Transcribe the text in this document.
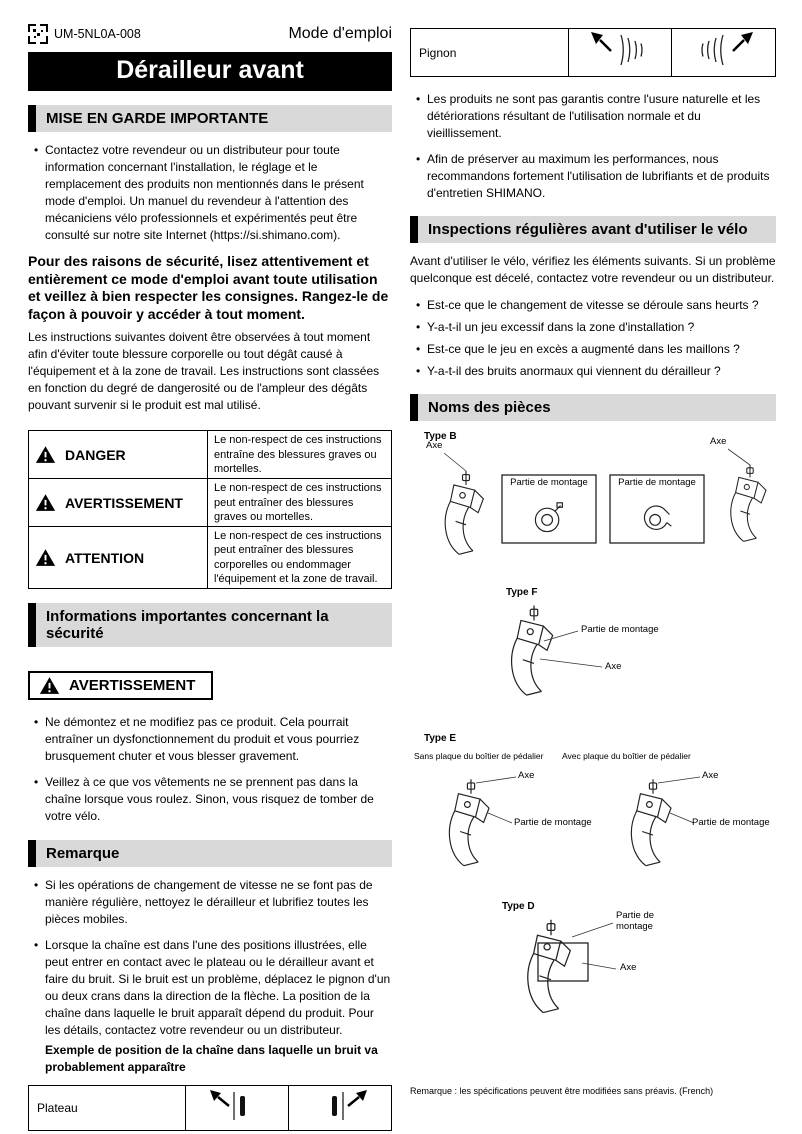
UM-5NL0A-008	Mode d'emploi
Dérailleur avant
MISE EN GARDE IMPORTANTE
• Contactez votre revendeur ou un distributeur pour toute information concernant l'installation, le réglage et le remplacement des produits non mentionnés dans le présent mode d'emploi. Un manuel du revendeur à l'attention des mécaniciens vélo professionnels et expérimentés peut être consulté sur notre site Internet (https://si.shimano.com).
Pour des raisons de sécurité, lisez attentivement et entièrement ce mode d'emploi avant toute utilisation et veillez à bien respecter les consignes. Rangez-le de façon à pouvoir y accéder à tout moment.
Les instructions suivantes doivent être observées à tout moment afin d'éviter toute blessure corporelle ou tout dégât causé à l'équipement et à la zone de travail. Les instructions sont classées en fonction du degré de dangerosité ou de l'ampleur des dégâts pouvant survenir si le produit est mal utilisé.
DANGER	Le non-respect de ces instructions entraîne des blessures graves ou mortelles.

AVERTISSEMENT	Le non-respect de ces instructions peut entraîner des blessures graves ou mortelles.

ATTENTION	Le non-respect de ces instructions peut entraîner des blessures corporelles ou endommager l'équipement et la zone de travail.
Informations importantes concernant la sécurité
AVERTISSEMENT
• Ne démontez et ne modifiez pas ce produit. Cela pourrait entraîner un dysfonctionnement du produit et vous pourriez brusquement chuter et vous blesser gravement.
• Veillez à ce que vos vêtements ne se prennent pas dans la chaîne lorsque vous roulez. Sinon, vous risquez de tomber de votre vélo.
Remarque
• Si les opérations de changement de vitesse ne se font pas de manière régulière, nettoyez le dérailleur et lubrifiez toutes les pièces mobiles.
• Lorsque la chaîne est dans l'une des positions illustrées, elle peut entrer en contact avec le plateau ou le dérailleur avant et faire du bruit. Si le bruit est un problème, déplacez le pignon d'un ou deux crans dans la direction de la flèche. La position de la chaîne dans laquelle le bruit apparaît dépend du produit. Pour les détails, contactez votre revendeur ou un distributeur.
Exemple de position de la chaîne dans laquelle un bruit va probablement apparaître
Plateau		
Pignon		
• Les produits ne sont pas garantis contre l'usure naturelle et les détériorations résultant de l'utilisation normale et du vieillissement.
• Afin de préserver au maximum les performances, nous recommandons fortement l'utilisation de lubrifiants et de produits d'entretien SHIMANO.
Inspections régulières avant d'utiliser le vélo
Avant d'utiliser le vélo, vérifiez les éléments suivants. Si un problème quelconque est décelé, contactez votre revendeur ou un distributeur.
• Est-ce que le changement de vitesse se déroule sans heurts ?
• Y-a-t-il un jeu excessif dans la zone d'installation ?
• Est-ce que le jeu en excès a augmenté dans les maillons ?
• Y-a-t-il des bruits anormaux qui viennent du dérailleur ?
Noms des pièces
Type B
Axe	Axe
Partie de montage	Partie de montage
Type F
Partie de montage
Axe
Type E
Sans plaque du boîtier de pédalier Avec plaque du boîtier de pédalier
Axe
Partie de montage
Axe
Partie de montage
Type D
Partie de montage
Axe
Remarque : les spécifications peuvent être modifiées sans préavis. (French)
